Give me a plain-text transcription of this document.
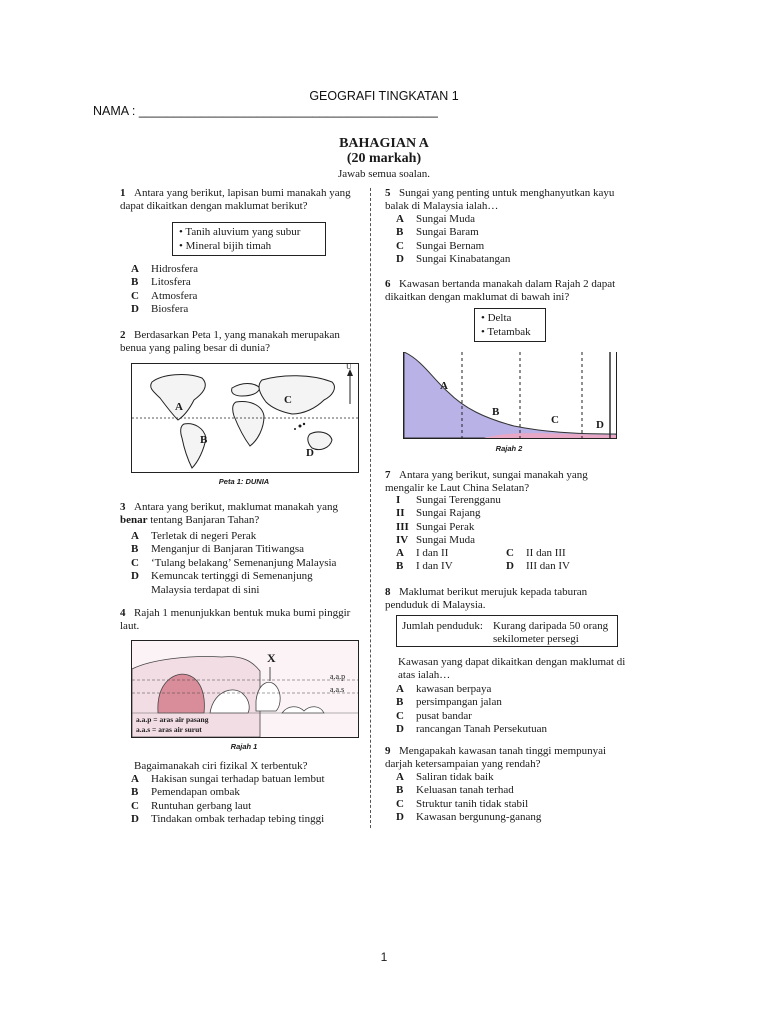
GEOGRAFI TINGKATAN 1
NAMA : ___________________________________________
BAHAGIAN A
(20 markah)
Jawab semua soalan.
1 Antara yang berikut, lapisan bumi manakah yang dapat dikaitkan dengan maklumat berikut?
• Tanih aluvium yang subur
• Mineral bijih timah
A Hidrosfera
B Litosfera
C Atmosfera
D Biosfera
2 Berdasarkan Peta 1, yang manakah merupakan benua yang paling besar di dunia?
A
B
C
D
U
Peta 1: DUNIA
3 Antara yang berikut, maklumat manakah yang benar tentang Banjaran Tahan?
A Terletak di negeri Perak
B Menganjur di Banjaran Titiwangsa
C ‘Tulang belakang’ Semenanjung Malaysia
D Kemuncak tertinggi di Semenanjung
Malaysia terdapat di sini
4 Rajah 1 menunjukkan bentuk muka bumi pinggir laut.
X
a.a.p
a.a.s
a.a.p = aras air pasang
a.a.s = aras air surut
Rajah 1
Bagaimanakah ciri fizikal X terbentuk?
A Hakisan sungai terhadap batuan lembut
B Pemendapan ombak
C Runtuhan gerbang laut
D Tindakan ombak terhadap tebing tinggi
5 Sungai yang penting untuk menghanyutkan kayu balak di Malaysia ialah…
A Sungai Muda
B Sungai Baram
C Sungai Bernam
D Sungai Kinabatangan
6 Kawasan bertanda manakah dalam Rajah 2 dapat dikaitkan dengan maklumat di bawah ini?
• Delta
• Tetambak
A
B
C	D
Rajah 2
7 Antara yang berikut, sungai manakah yang mengalir ke Laut China Selatan?
I Sungai Terengganu
II Sungai Rajang
III Sungai Perak
IV Sungai Muda
A I dan II
B I dan IV
C II dan III
D III dan IV
8 Maklumat berikut merujuk kepada taburan penduduk di Malaysia.
Jumlah penduduk: Kurang daripada 50 orang
sekilometer persegi
Kawasan yang dapat dikaitkan dengan maklumat di atas ialah…
A kawasan berpaya
B persimpangan jalan
C pusat bandar
D rancangan Tanah Persekutuan
9 Mengapakah kawasan tanah tinggi mempunyai darjah ketersampaian yang rendah?
A Saliran tidak baik
B Keluasan tanah terhad
C Struktur tanih tidak stabil
D Kawasan bergunung-ganang
1
